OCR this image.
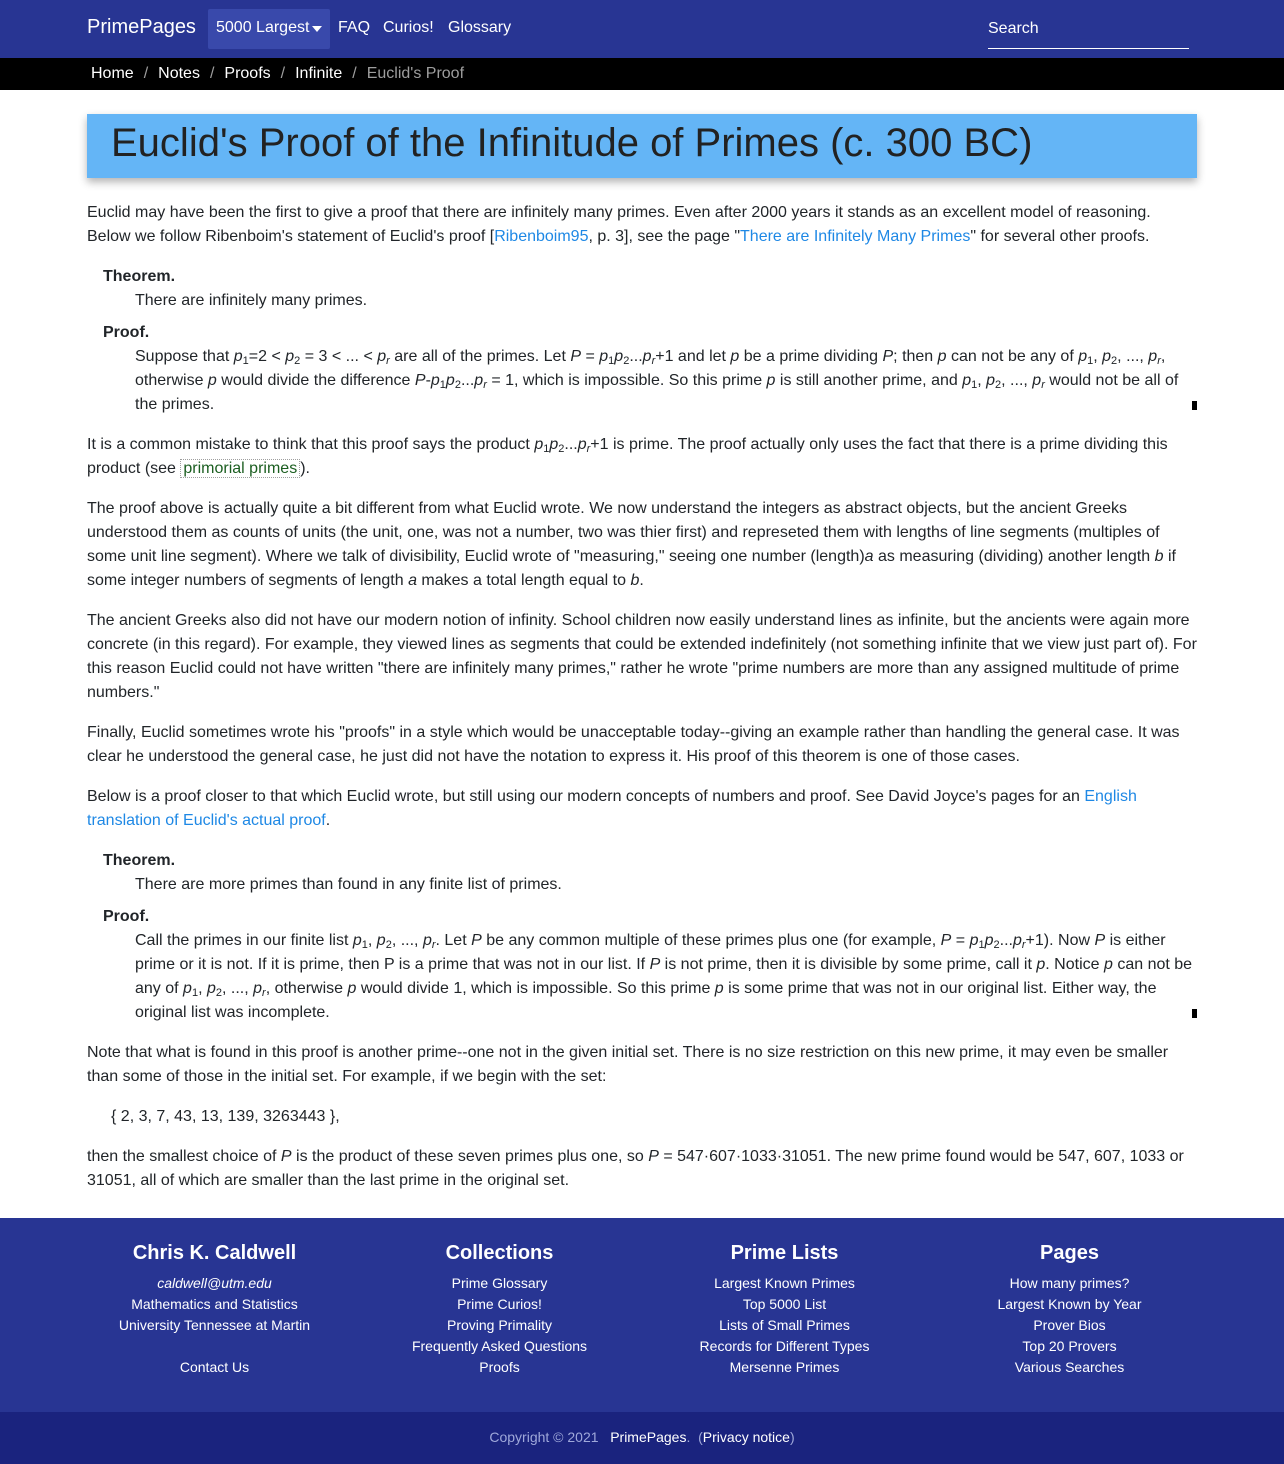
PrimePages 5000 Largest FAQ Curios! Glossary
Search
Home / Notes / Proofs / Infinite / Euclid's Proof
Euclid's Proof of the Infinitude of Primes (c. 300 BC)

Euclid may have been the first to give a proof that there are infinitely many primes. Even after 2000 years it stands as an excellent model of reasoning. Below we follow Ribenboim's statement of Euclid's proof [Ribenboim95, p. 3], see the page "There are Infinitely Many Primes" for several other proofs.

Theorem.
There are infinitely many primes.
Proof.
Suppose that $p_1=2 < p_2 = 3$ < ... < $p_r$ are all of the primes. Let $P = p_1p_2...p_r+1$ and let p be a prime dividing P; then p can not be any of $p_1$, $p_2$, ..., $p_r$, otherwise p would divide the difference $P-p_1p_2...p_r = 1$, which is impossible. So this prime p is still another prime, and $p_1$, $p_2$, ..., $p_r$ would not be all of the primes.

It is a common mistake to think that this proof says the product $p_1p_2...p_r+1$ is prime. The proof actually only uses the fact that there is a prime dividing this product (see primorial primes ).

The proof above is actually quite a bit different from what Euclid wrote. We now understand the integers as abstract objects, but the ancient Greeks understood them as counts of units (the unit, one, was not a number, two was thier first) and represeted them with lengths of line segments (multiples of some unit line segment). Where we talk of divisibility, Euclid wrote of "measuring," seeing one number (length)a as measuring (dividing) another length b if some integer numbers of segments of length a makes a total length equal to b.

The ancient Greeks also did not have our modern notion of infinity. School children now easily understand lines as infinite, but the ancients were again more concrete (in this regard). For example, they viewed lines as segments that could be extended indefinitely (not something infinite that we view just part of). For this reason Euclid could not have written "there are infinitely many primes," rather he wrote "prime numbers are more than any assigned multitude of prime numbers."

Finally, Euclid sometimes wrote his "proofs" in a style which would be unacceptable today--giving an example rather than handling the general case. It was clear he understood the general case, he just did not have the notation to express it. His proof of this theorem is one of those cases.

Below is a proof closer to that which Euclid wrote, but still using our modern concepts of numbers and proof. See David Joyce's pages for an English translation of Euclid's actual proof.

Theorem.
There are more primes than found in any finite list of primes.
Proof.
Call the primes in our finite list $p_1$, $p_2$, ..., $p_r$. Let P be any common multiple of these primes plus one (for example, $P = p_1p_2...p_r+1$). Now P is either prime or it is not. If it is prime, then P is a prime that was not in our list. If P is not prime, then it is divisible by some prime, call it p. Notice p can not be any of $p_1$, $p_2$, ..., $p_r$, otherwise p would divide 1, which is impossible. So this prime p is some prime that was not in our original list. Either way, the original list was incomplete.

Note that what is found in this proof is another prime--one not in the given initial set. There is no size restriction on this new prime, it may even be smaller than some of those in the initial set. For example, if we begin with the set:

{ 2, 3, 7, 43, 13, 139, 3263443 },

then the smallest choice of P is the product of these seven primes plus one, so P = 547·607·1033·31051. The new prime found would be 547, 607, 1033 or 31051, all of which are smaller than the last prime in the original set.

Chris K. Caldwell
caldwell@utm.edu
Mathematics and Statistics
University Tennessee at Martin
Contact Us
Collections
Prime Glossary
Prime Curios!
Proving Primality
Frequently Asked Questions
Proofs
Prime Lists
Largest Known Primes
Top 5000 List
Lists of Small Primes
Records for Different Types
Mersenne Primes
Pages
How many primes?
Largest Known by Year
Prover Bios
Top 20 Provers
Various Searches
Copyright © 2021 PrimePages.  (Privacy notice)
